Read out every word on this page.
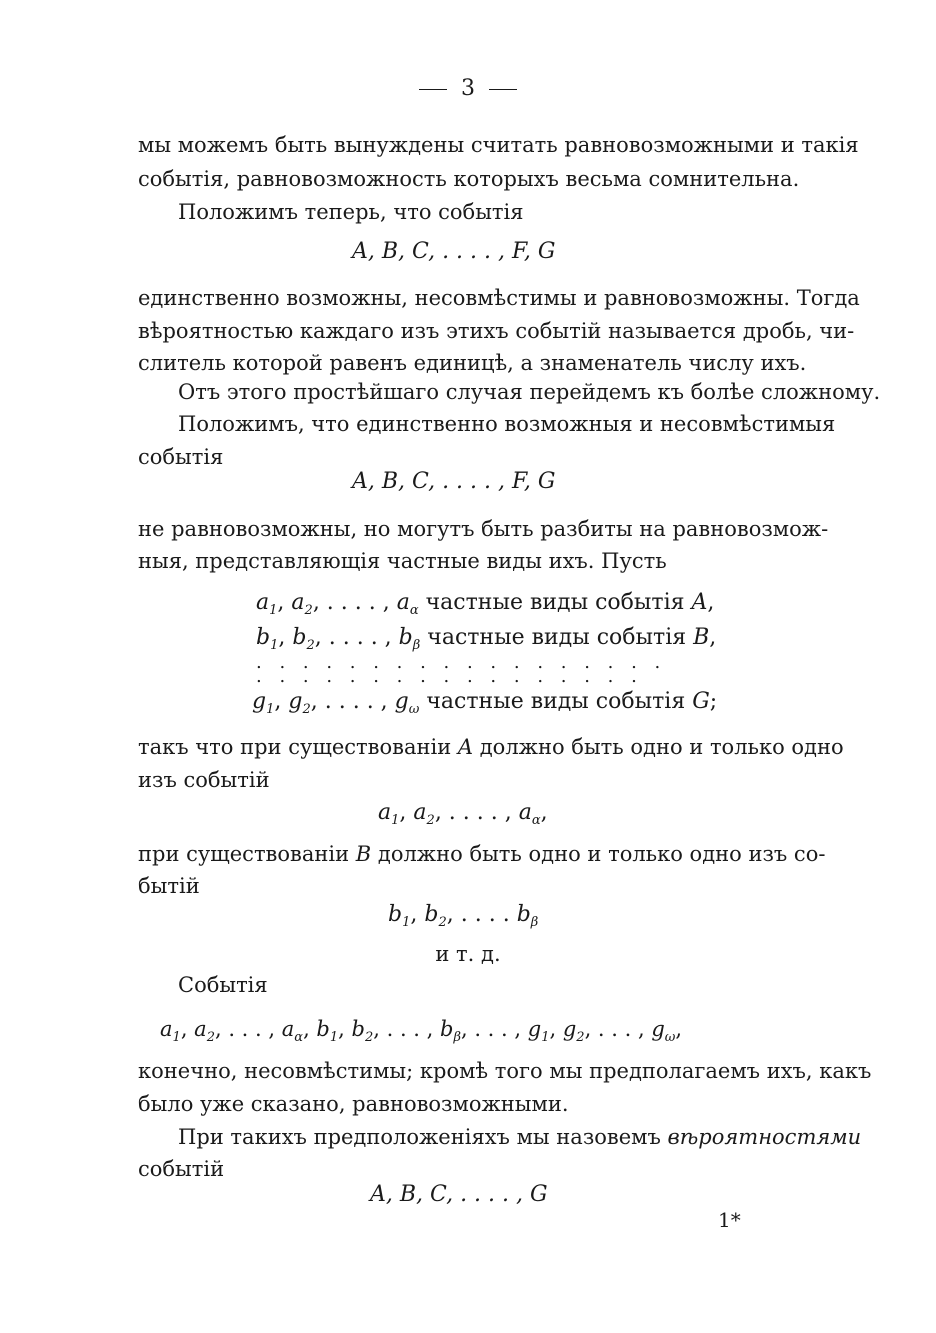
3
мы можемъ быть вынуждены считать равновозможными и такія
событія, равновозможность которыхъ весьма сомнительна.
Положимъ теперь, что событія
A, B, C, . . . . , F, G
единственно возможны, несовмѣстимы и равновозможны. Тогда
вѣроятностью каждаго изъ этихъ событій называется дробь, чи-
слитель которой равенъ единицѣ, а знаменатель числу ихъ.
Отъ этого простѣйшаго случая перейдемъ къ болѣе сложному.
Положимъ, что единственно возможныя и несовмѣстимыя
событія
A, B, C, . . . . , F, G
не равновозможны, но могутъ быть разбиты на равновозмож-
ныя, представляющія частные виды ихъ. Пусть
$a_1$, $a_2$, . . . . , $a_\alpha$ частные виды событія A,
$b_1$, $b_2$, . . . . , $b_\beta$ частные виды событія B,
. . . . . . . . . . . . . . . . . . . . . . . . . . . . . . . . . . .
$g_1$, $g_2$, . . . . , $g_\omega$ частные виды событія G;
такъ что при существованіи A должно быть одно и только одно
изъ событій
$a_1$, $a_2$, . . . . , $a_\alpha$,
при существованіи B должно быть одно и только одно изъ со-
бытій
$b_1$, $b_2$, . . . . $b_\beta$
и т. д.
Событія
$a_1$, $a_2$, . . . , $a_\alpha$, $b_1$, $b_2$, . . . , $b_\beta$, . . . , $g_1$, $g_2$, . . . , $g_\omega$,
конечно, несовмѣстимы; кромѣ того мы предполагаемъ ихъ, какъ
было уже сказано, равновозможными.
При такихъ предположеніяхъ мы назовемъ вѣроятностями
событій
A, B, C, . . . . , G
1*
